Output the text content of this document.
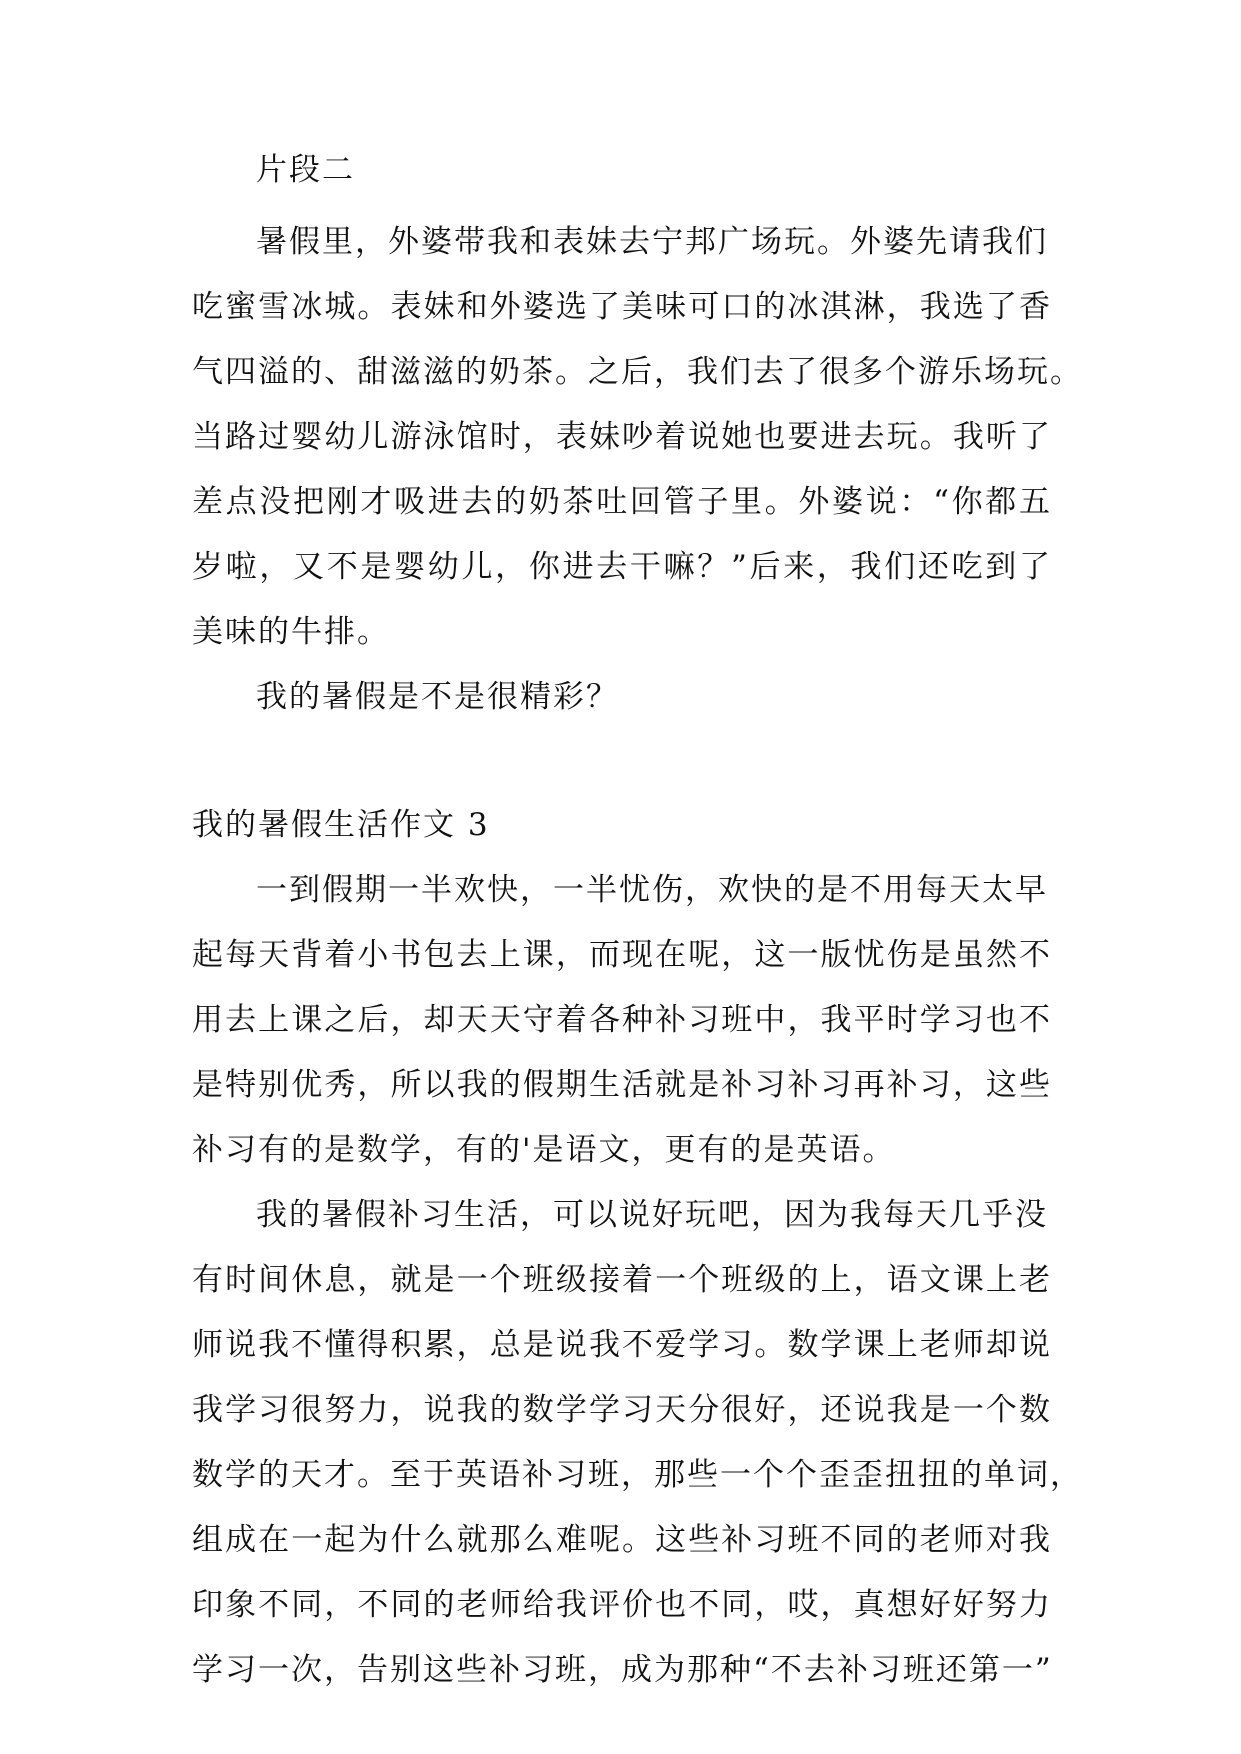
片段二
暑假里，外婆带我和表妹去宁邦广场玩。外婆先请我们
吃蜜雪冰城。表妹和外婆选了美味可口的冰淇淋，我选了香
气四溢的、甜滋滋的奶茶。之后，我们去了很多个游乐场玩。
当路过婴幼儿游泳馆时，表妹吵着说她也要进去玩。我听了
差点没把刚才吸进去的奶茶吐回管子里。外婆说：“你都五
岁啦，又不是婴幼儿，你进去干嘛？”后来，我们还吃到了
美味的牛排。
我的暑假是不是很精彩？
我的暑假生活作文 3
一到假期一半欢快，一半忧伤，欢快的是不用每天太早
起每天背着小书包去上课，而现在呢，这一版忧伤是虽然不
用去上课之后，却天天守着各种补习班中，我平时学习也不
是特别优秀，所以我的假期生活就是补习补习再补习，这些
补习有的是数学，有的'是语文，更有的是英语。
我的暑假补习生活，可以说好玩吧，因为我每天几乎没
有时间休息，就是一个班级接着一个班级的上，语文课上老
师说我不懂得积累，总是说我不爱学习。数学课上老师却说
我学习很努力，说我的数学学习天分很好，还说我是一个数
数学的天才。至于英语补习班，那些一个个歪歪扭扭的单词，
组成在一起为什么就那么难呢。这些补习班不同的老师对我
印象不同，不同的老师给我评价也不同，哎，真想好好努力
学习一次，告别这些补习班，成为那种“不去补习班还第一”
